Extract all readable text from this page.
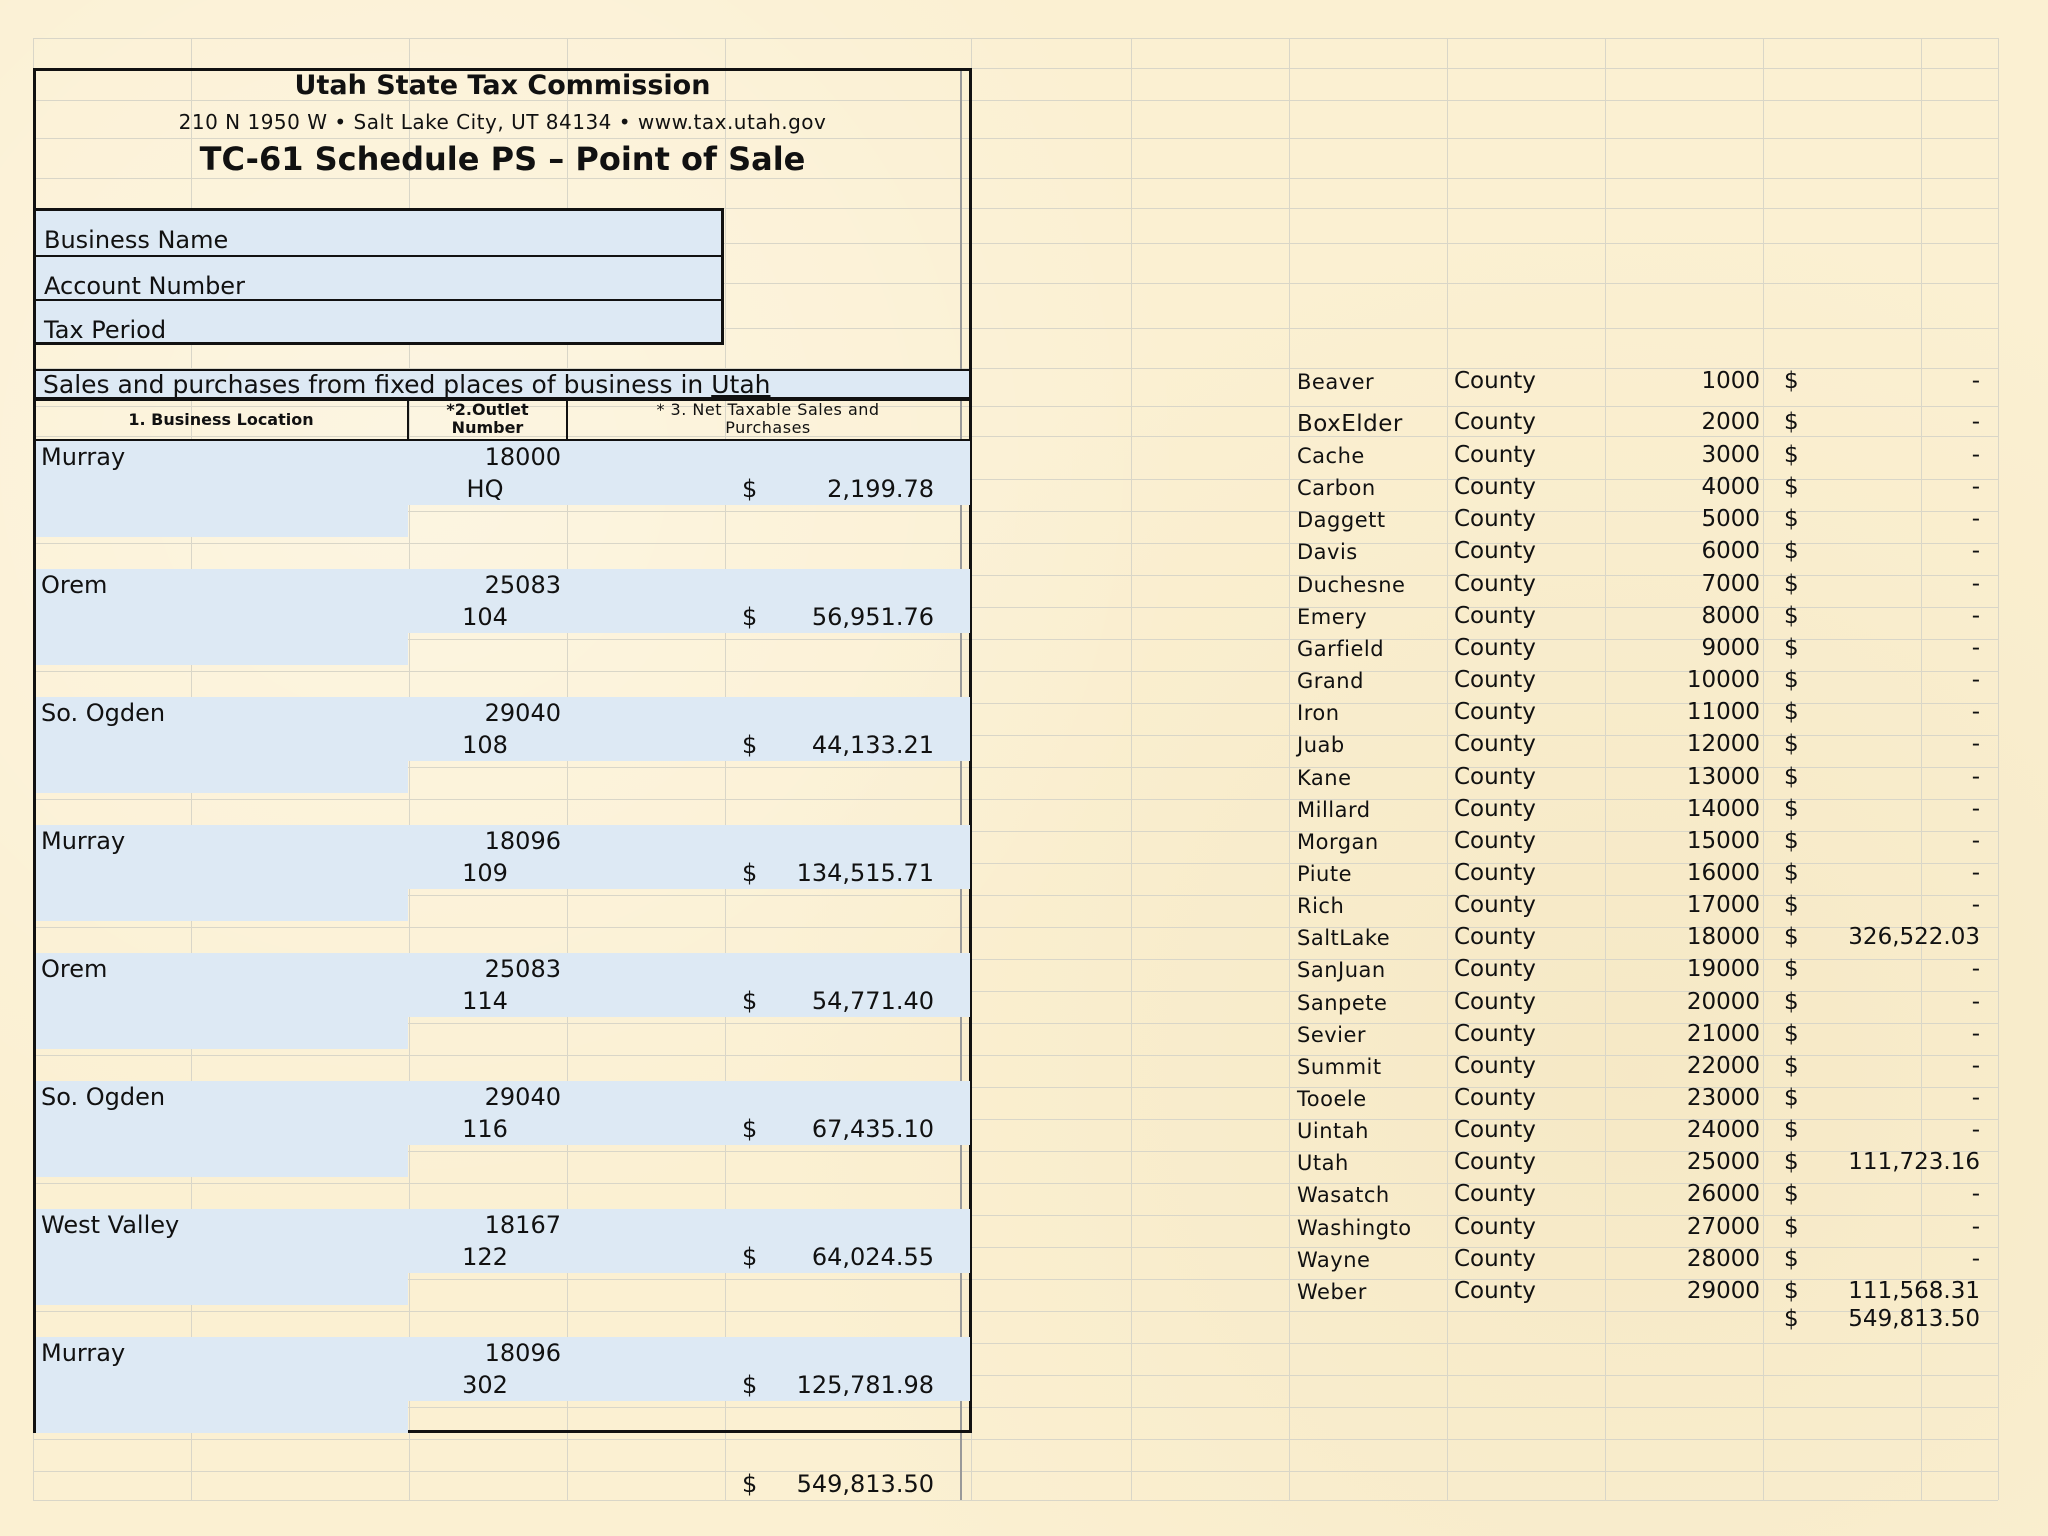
Utah State Tax Commission
210 N 1950 W • Salt Lake City, UT 84134 • www.tax.utah.gov
TC-61 Schedule PS – Point of Sale
Business Name
Account Number
Tax Period
Sales and purchases from fixed places of business in Utah
1. Business Location
*2.Outlet
Number
* 3. Net Taxable Sales and
Purchases
Murray	18000
HQ	$	2,199.78
Orem	25083
104	$	56,951.76
So. Ogden	29040
108	$	44,133.21
Murray	18096
109	$	134,515.71
Orem	25083
114	$	54,771.40
So. Ogden	29040
116	$	67,435.10
West Valley	18167
122	$	64,024.55
Murray	18096
302	$	125,781.98
$	549,813.50
Beaver	County	1000 $	-
BoxElder County	2000 $	-
Cache	County	3000 $	-
Carbon	County	4000 $	-
Daggett	County	5000 $	-
Davis	County	6000 $	-
Duchesne County	7000 $	-
Emery	County	8000 $	-
Garfield	County	9000 $	-
Grand	County	10000 $	-
Iron	County	11000 $	-
Juab	County	12000 $	-
Kane	County	13000 $	-
Millard	County	14000 $	-
Morgan	County	15000 $	-
Piute	County	16000 $	-
Rich	County	17000 $	-
SaltLake	County	18000 $	326,522.03
SanJuan	County	19000 $	-
Sanpete	County	20000 $	-
Sevier	County	21000 $	-
Summit	County	22000 $	-
Tooele	County	23000 $	-
Uintah	County	24000 $	-
Utah	County	25000 $	111,723.16
Wasatch	County	26000 $	-
Washingto County	27000 $	-
Wayne	County	28000 $	-
Weber	County	29000 $	111,568.31
$	549,813.50
